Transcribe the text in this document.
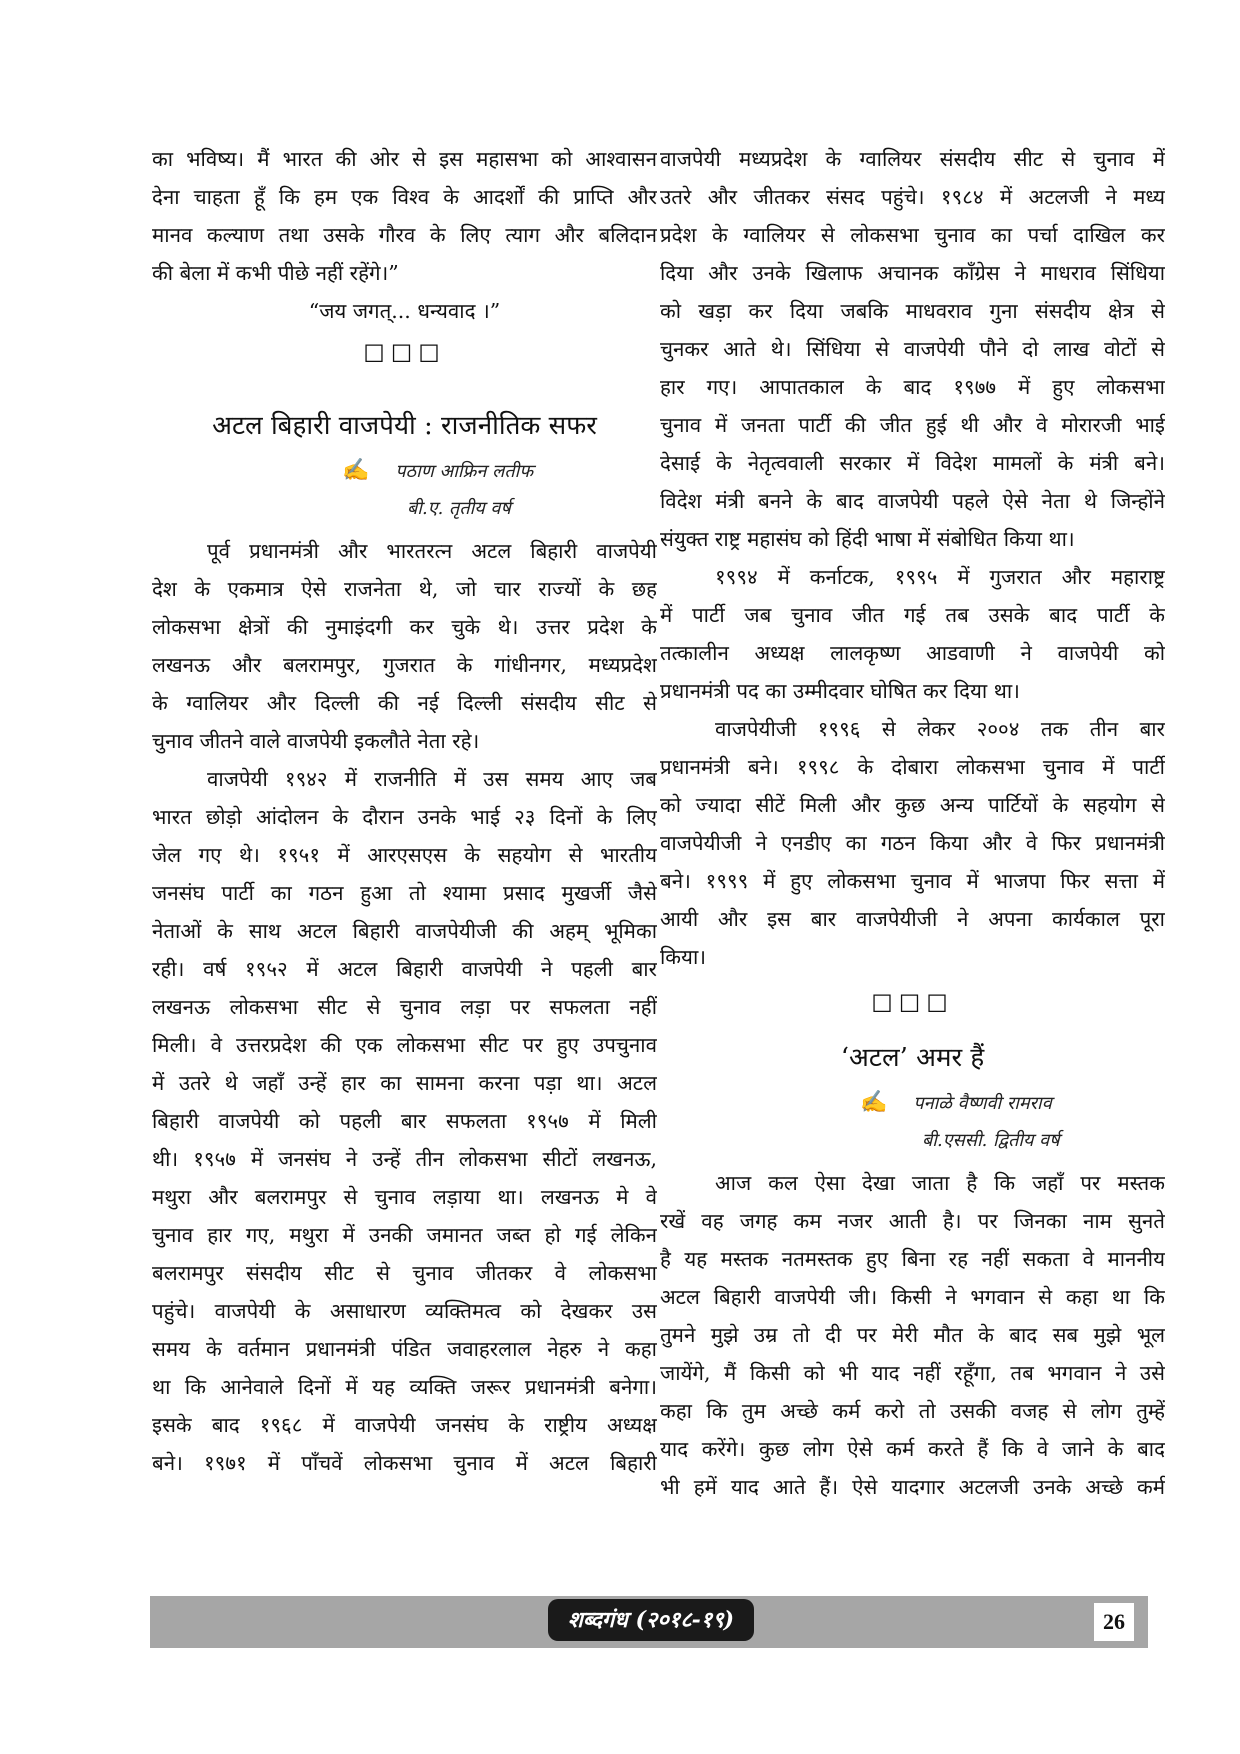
का भविष्य। मैं भारत की ओर से इस महासभा को आश्वासन
देना चाहता हूँ कि हम एक विश्व के आदर्शों की प्राप्ति और
मानव कल्याण तथा उसके गौरव के लिए त्याग और बलिदान
की बेला में कभी पीछे नहीं रहेंगे।”
“जय जगत्... धन्यवाद ।”
☐☐☐
अटल बिहारी वाजपेयी : राजनीतिक सफर
✍ पठाण आफ्रिन लतीफ
बी.ए. तृतीय वर्ष
पूर्व प्रधानमंत्री और भारतरत्न अटल बिहारी वाजपेयी
देश के एकमात्र ऐसे राजनेता थे, जो चार राज्यों के छह
लोकसभा क्षेत्रों की नुमाइंदगी कर चुके थे। उत्तर प्रदेश के
लखनऊ और बलरामपुर, गुजरात के गांधीनगर, मध्यप्रदेश
के ग्वालियर और दिल्ली की नई दिल्ली संसदीय सीट से
चुनाव जीतने वाले वाजपेयी इकलौते नेता रहे।
वाजपेयी १९४२ में राजनीति में उस समय आए जब
भारत छोड़ो आंदोलन के दौरान उनके भाई २३ दिनों के लिए
जेल गए थे। १९५१ में आरएसएस के सहयोग से भारतीय
जनसंघ पार्टी का गठन हुआ तो श्यामा प्रसाद मुखर्जी जैसे
नेताओं के साथ अटल बिहारी वाजपेयीजी की अहम् भूमिका
रही। वर्ष १९५२ में अटल बिहारी वाजपेयी ने पहली बार
लखनऊ लोकसभा सीट से चुनाव लड़ा पर सफलता नहीं
मिली। वे उत्तरप्रदेश की एक लोकसभा सीट पर हुए उपचुनाव
में उतरे थे जहाँ उन्हें हार का सामना करना पड़ा था। अटल
बिहारी वाजपेयी को पहली बार सफलता १९५७ में मिली
थी। १९५७ में जनसंघ ने उन्हें तीन लोकसभा सीटों लखनऊ,
मथुरा और बलरामपुर से चुनाव लड़ाया था। लखनऊ मे वे
चुनाव हार गए, मथुरा में उनकी जमानत जब्त हो गई लेकिन
बलरामपुर संसदीय सीट से चुनाव जीतकर वे लोकसभा
पहुंचे। वाजपेयी के असाधारण व्यक्तिमत्व को देखकर उस
समय के वर्तमान प्रधानमंत्री पंडित जवाहरलाल नेहरु ने कहा
था कि आनेवाले दिनों में यह व्यक्ति जरूर प्रधानमंत्री बनेगा।
इसके बाद १९६८ में वाजपेयी जनसंघ के राष्ट्रीय अध्यक्ष
बने। १९७१ में पाँचवें लोकसभा चुनाव में अटल बिहारी
वाजपेयी मध्यप्रदेश के ग्वालियर संसदीय सीट से चुनाव में
उतरे और जीतकर संसद पहुंचे। १९८४ में अटलजी ने मध्य
प्रदेश के ग्वालियर से लोकसभा चुनाव का पर्चा दाखिल कर
दिया और उनके खिलाफ अचानक कॉंग्रेस ने माधराव सिंधिया
को खड़ा कर दिया जबकि माधवराव गुना संसदीय क्षेत्र से
चुनकर आते थे। सिंधिया से वाजपेयी पौने दो लाख वोटों से
हार गए। आपातकाल के बाद १९७७ में हुए लोकसभा
चुनाव में जनता पार्टी की जीत हुई थी और वे मोरारजी भाई
देसाई के नेतृत्ववाली सरकार में विदेश मामलों के मंत्री बने।
विदेश मंत्री बनने के बाद वाजपेयी पहले ऐसे नेता थे जिन्होंने
संयुक्त राष्ट्र महासंघ को हिंदी भाषा में संबोधित किया था।
१९९४ में कर्नाटक, १९९५ में गुजरात और महाराष्ट्र
में पार्टी जब चुनाव जीत गई तब उसके बाद पार्टी के
तत्कालीन अध्यक्ष लालकृष्ण आडवाणी ने वाजपेयी को
प्रधानमंत्री पद का उम्मीदवार घोषित कर दिया था।
वाजपेयीजी १९९६ से लेकर २००४ तक तीन बार
प्रधानमंत्री बने। १९९८ के दोबारा लोकसभा चुनाव में पार्टी
को ज्यादा सीटें मिली और कुछ अन्य पार्टियों के सहयोग से
वाजपेयीजी ने एनडीए का गठन किया और वे फिर प्रधानमंत्री
बने। १९९९ में हुए लोकसभा चुनाव में भाजपा फिर सत्ता में
आयी और इस बार वाजपेयीजी ने अपना कार्यकाल पूरा
किया।
☐☐☐
‘अटल’ अमर हैं
✍ पनाळे वैष्णवी रामराव
बी.एससी. द्वितीय वर्ष
आज कल ऐसा देखा जाता है कि जहाँ पर मस्तक
रखें वह जगह कम नजर आती है। पर जिनका नाम सुनते
है यह मस्तक नतमस्तक हुए बिना रह नहीं सकता वे माननीय
अटल बिहारी वाजपेयी जी। किसी ने भगवान से कहा था कि
तुमने मुझे उम्र तो दी पर मेरी मौत के बाद सब मुझे भूल
जायेंगे, मैं किसी को भी याद नहीं रहूँगा, तब भगवान ने उसे
कहा कि तुम अच्छे कर्म करो तो उसकी वजह से लोग तुम्हें
याद करेंगे। कुछ लोग ऐसे कर्म करते हैं कि वे जाने के बाद
भी हमें याद आते हैं। ऐसे यादगार अटलजी उनके अच्छे कर्म
शब्दगंध (२०१८-१९)	26
